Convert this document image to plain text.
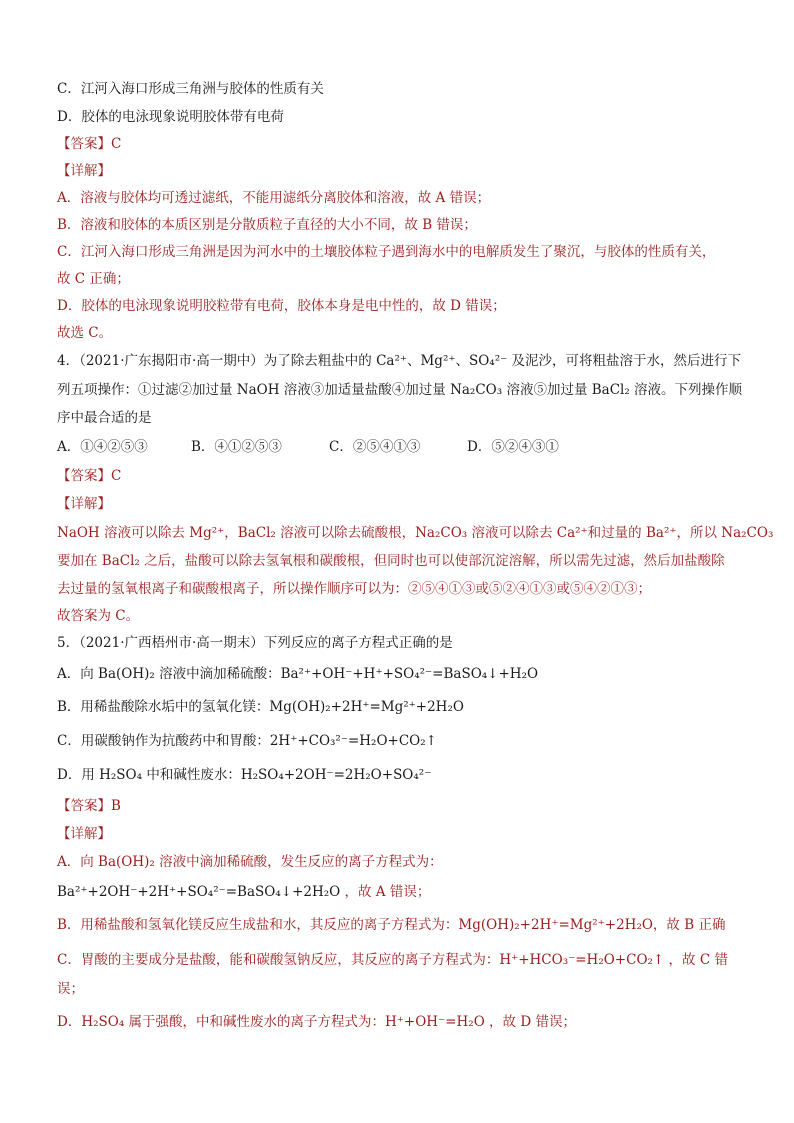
C．江河入海口形成三角洲与胶体的性质有关
D．胶体的电泳现象说明胶体带有电荷
【答案】C
【详解】
A．溶液与胶体均可透过滤纸，不能用滤纸分离胶体和溶液，故 A 错误；
B．溶液和胶体的本质区别是分散质粒子直径的大小不同，故 B 错误；
C．江河入海口形成三角洲是因为河水中的土壤胶体粒子遇到海水中的电解质发生了聚沉，与胶体的性质有关，
故 C 正确；
D．胶体的电泳现象说明胶粒带有电荷，胶体本身是电中性的，故 D 错误；
故选 C。
4．（2021·广东揭阳市·高一期中）为了除去粗盐中的 Ca²⁺、Mg²⁺、SO₄²⁻ 及泥沙，可将粗盐溶于水，然后进行下
列五项操作：①过滤②加过量 NaOH 溶液③加适量盐酸④加过量 Na₂CO₃ 溶液⑤加过量 BaCl₂ 溶液。下列操作顺
序中最合适的是
A．①④②⑤③	B．④①②⑤③	C．②⑤④①③	D．⑤②④③①
【答案】C
【详解】
NaOH 溶液可以除去 Mg²⁺，BaCl₂ 溶液可以除去硫酸根，Na₂CO₃ 溶液可以除去 Ca²⁺和过量的 Ba²⁺，所以 Na₂CO₃
要加在 BaCl₂ 之后，盐酸可以除去氢氧根和碳酸根，但同时也可以使部沉淀溶解，所以需先过滤，然后加盐酸除
去过量的氢氧根离子和碳酸根离子，所以操作顺序可以为：②⑤④①③或⑤②④①③或⑤④②①③；
故答案为 C。
5．（2021·广西梧州市·高一期末）下列反应的离子方程式正确的是
A．向 Ba(OH)₂ 溶液中滴加稀硫酸：Ba²⁺+OH⁻+H⁺+SO₄²⁻=BaSO₄↓+H₂O
B．用稀盐酸除水垢中的氢氧化镁：Mg(OH)₂+2H⁺=Mg²⁺+2H₂O
C．用碳酸钠作为抗酸药中和胃酸：2H⁺+CO₃²⁻=H₂O+CO₂↑
D．用 H₂SO₄ 中和碱性废水：H₂SO₄+2OH⁻=2H₂O+SO₄²⁻
【答案】B
【详解】
A．向 Ba(OH)₂ 溶液中滴加稀硫酸，发生反应的离子方程式为：
Ba²⁺+2OH⁻+2H⁺+SO₄²⁻=BaSO₄↓+2H₂O ，故 A 错误；
B．用稀盐酸和氢氧化镁反应生成盐和水，其反应的离子方程式为：Mg(OH)₂+2H⁺=Mg²⁺+2H₂O，故 B 正确
C．胃酸的主要成分是盐酸，能和碳酸氢钠反应，其反应的离子方程式为：H⁺+HCO₃⁻=H₂O+CO₂↑ ，故 C 错
误；
D．H₂SO₄ 属于强酸，中和碱性废水的离子方程式为：H⁺+OH⁻=H₂O ，故 D 错误；
